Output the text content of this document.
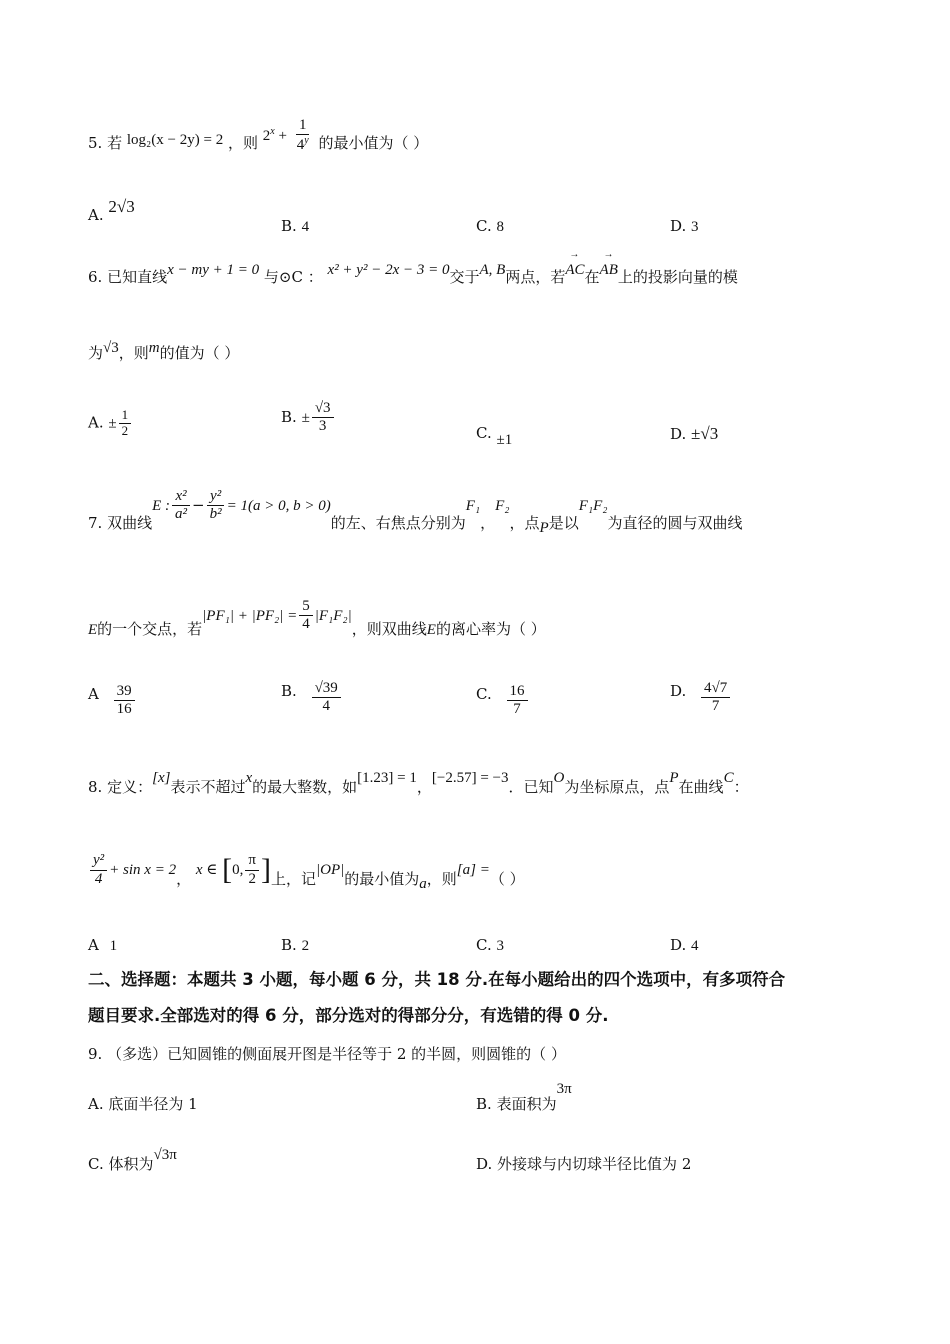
5. 若 log₂(x − 2y) = 2 ，则 $2^x + \frac{1}{4^y}$ 的最小值为（ ）
A. 2√3
B. 4	C. 8	D. 3
6. 已知直线x − my + 1 = 0 与⊙C ： x² + y² − 2x − 3 = 0交于A, B两点，若→ AC在→ AB上的投影向量的模
为√3，则m的值为（ ）
A. ± $\frac{1}{2}$	B. ± $\frac{√3}{3}$	C. ±1	D. ±√3
7. 双曲线E : $\frac{\text{x²}}{\text{a²}} - \frac{\text{y²}}{\text{b²}} = 1(a > 0$, b > 0)的左、右焦点分别为F₁，F₂，点P是以F₁F₂为直径的圆与双曲线
E的一个交点，若$|PF_1| + |PF_2| = \frac{5}{4} |F_1F_2|$，则双曲线E的离心率为（ ）
A $\frac{39}{16}$	B. $\frac{√39}{4}$	C. $\frac{16}{7}$	D. $\frac{4√7}{7}$
8. 定义：[x]表示不超过x的最大整数，如[1.23] = 1，[−2.57] = −3．已知O为坐标原点，点P在曲线C：
$\frac{\text{y²}}{4} + \sin x = 2$， x ∈ [0, $\frac{\pi}{2}$ ]上，记|OP|的最小值为a，则[a] =（ ）
A 1	B. 2	C. 3	D. 4
二、选择题：本题共 3 小题，每小题 6 分，共 18 分.在每小题给出的四个选项中，有多项符合
题目要求.全部选对的得 6 分，部分选对的得部分分，有选错的得 0 分.
9. （多选）已知圆锥的侧面展开图是半径等于 2 的半圆，则圆锥的（ ）
A. 底面半径为 1	B. 表面积为3π
C. 体积为√3π	D. 外接球与内切球半径比值为 2
